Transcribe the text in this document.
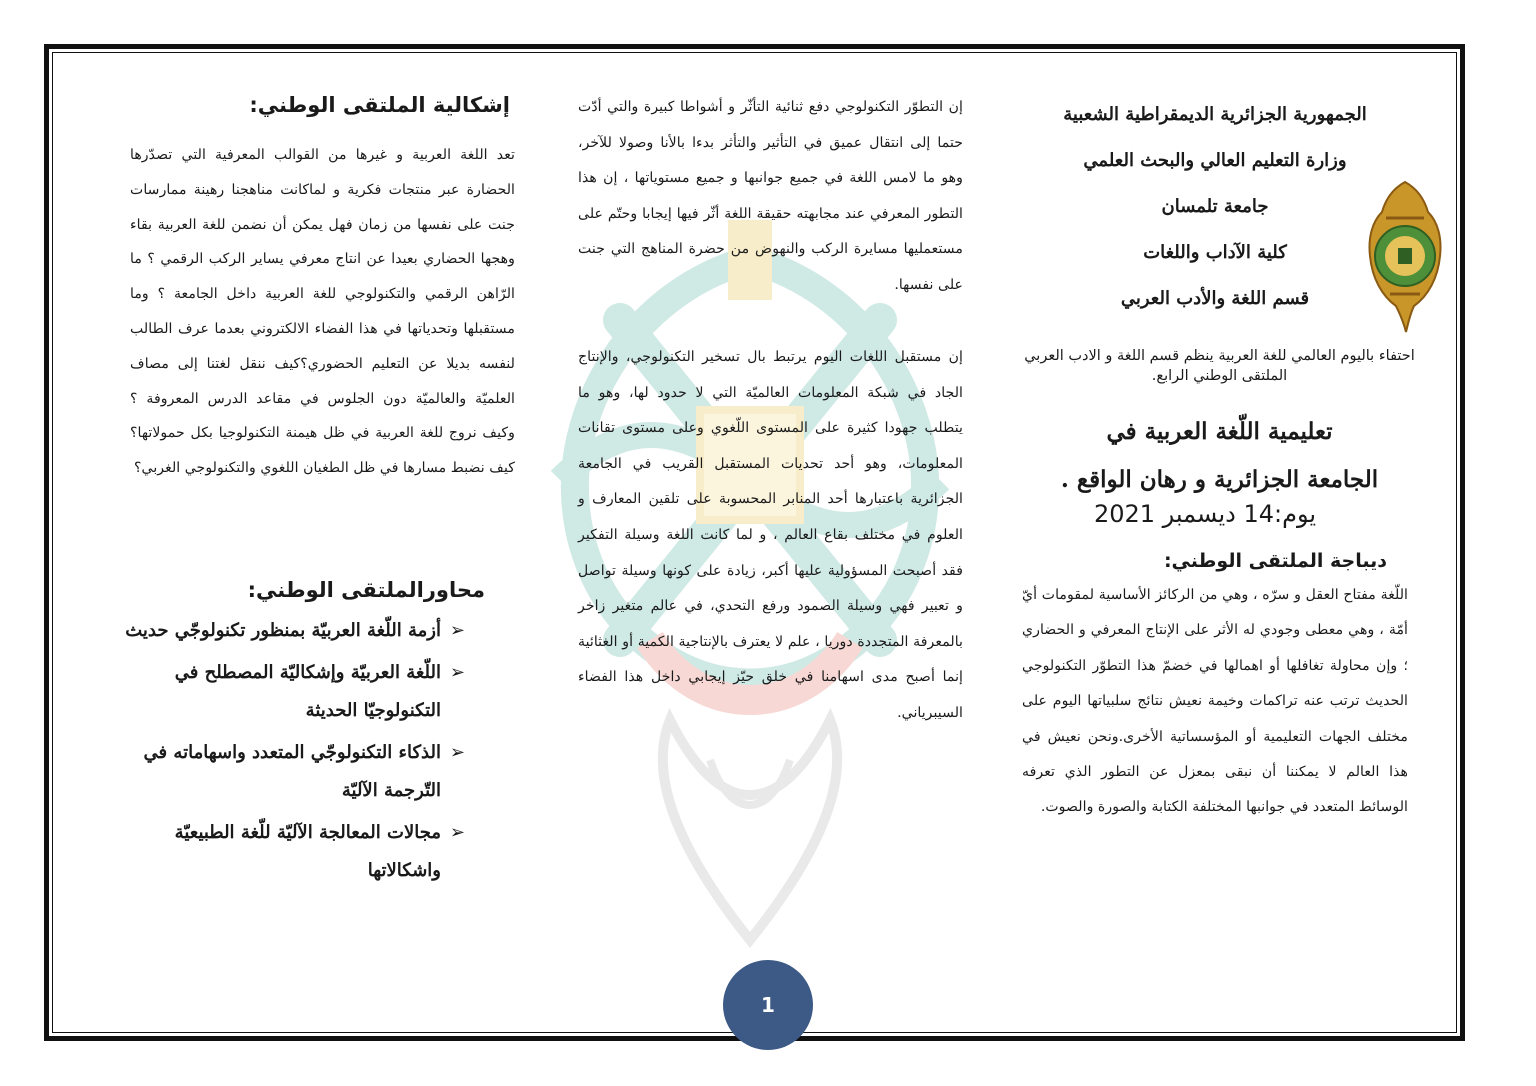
الجمهورية الجزائرية الديمقراطية الشعبية
وزارة التعليم العالي والبحث العلمي
جامعة تلمسان
كلية الآداب واللغات
قسم اللغة والأدب العربي
احتفاء باليوم العالمي للغة العربية ينظم قسم اللغة و الادب العربي الملتقى الوطني الرابع.
تعليمية اللّغة العربية في
الجامعة الجزائرية و رهان الواقع .
يوم:14 ديسمبر 2021
ديباجة الملتقى الوطني:
اللّغة مفتاح العقل و سرّه ، وهي من الركائز الأساسية لمقومات أيّ أمّة ، وهي معطى وجودي له الأثر على الإنتاج المعرفي و الحضاري ؛ وإن محاولة تغافلها أو اهمالها في خضمّ هذا التطوّر التكنولوجي الحديث ترتب عنه تراكمات وخيمة نعيش نتائج سلبياتها اليوم على مختلف الجهات التعليمية أو المؤسساتية الأخرى.ونحن نعيش في هذا العالم لا يمكننا أن نبقى بمعزل عن التطور الذي تعرفه الوسائط المتعدد في جوانبها المختلفة الكتابة والصورة والصوت.
إن التطوّر التكنولوجي دفع ثنائية التأثّر و أشواطا كبيرة والتي أدّت حتما إلى انتقال عميق في التأثير والتأثر بدءا بالأنا وصولا للآخر، وهو ما لامس اللغة في جميع جوانبها و جميع مستوياتها ، إن هذا التطور المعرفي عند مجابهته حقيقة اللغة أثّر فيها إيجابا وحتّم على مستعمليها مسايرة الركب والنهوض من حضرة المناهج التي جنت على نفسها.
إن مستقبل اللغات اليوم يرتبط بال تسخير التكنولوجي، والإنتاج الجاد في شبكة المعلومات العالميّة التي لا حدود لها، وهو ما يتطلب جهودا كثيرة على المستوى اللّغوي وعلى مستوى تقانات المعلومات، وهو أحد تحديات المستقبل القريب في الجامعة الجزائرية باعتبارها أحد المنابر المحسوبة على تلقين المعارف و العلوم في مختلف بقاع العالم ، و لما كانت اللغة وسيلة التفكير فقد أصبحت المسؤولية عليها أكبر، زيادة على كونها وسيلة تواصل و تعبير فهي وسيلة الصمود ورفع التحدي، في عالم متغير زاخر بالمعرفة المتجددة دوريا ، علم لا يعترف بالإنتاجية الكمية أو الغثائية إنما أصبح مدى اسهامنا في خلق حيّز إيجابي داخل هذا الفضاء السيبرياني.
إشكالية الملتقى الوطني:
تعد اللغة العربية و غيرها من القوالب المعرفية التي تصدّرها الحضارة عبر منتجات فكرية و لماكانت مناهجنا رهينة ممارسات جنت على نفسها من زمان فهل يمكن أن نضمن للغة العربية بقاء وهجها الحضاري بعيدا عن انتاج معرفي يساير الركب الرقمي ؟ ما الرّاهن الرقمي والتكنولوجي للغة العربية داخل الجامعة ؟ وما مستقبلها وتحدياتها في هذا الفضاء الالكتروني بعدما عرف الطالب لنفسه بديلا عن التعليم الحضوري؟كيف ننقل لغتنا إلى مصاف العلميّة والعالميّة دون الجلوس في مقاعد الدرس المعروفة ؟ وكيف نروج للغة العربية في ظل هيمنة التكنولوجيا بكل حمولاتها؟كيف نضبط مسارها في ظل الطغيان اللغوي والتكنولوجي الغربي؟
محاورالملتقى الوطني:
➢
أزمة اللّغة العربيّة بمنظور تكنولوجّي حديث
➢
اللّغة العربيّة وإشكاليّة المصطلح في التكنولوجيّا الحديثة
➢
الذكاء التكنولوجّي المتعدد واسهاماته في التّرجمة الآليّة
➢
مجالات المعالجة الآليّة للّغة الطبيعيّة واشكالاتها
1
